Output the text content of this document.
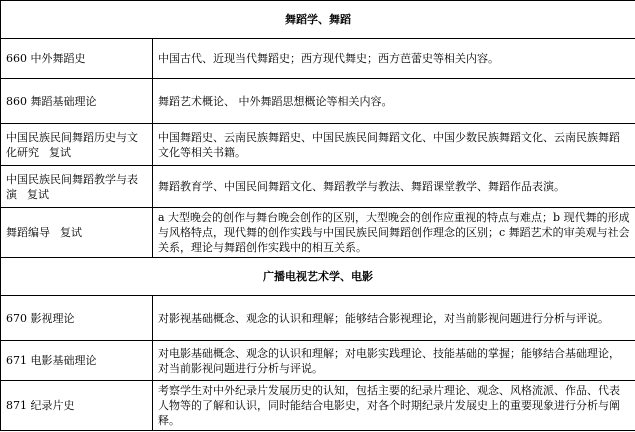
舞蹈学、舞蹈	
660 中外舞蹈史	中国古代、近现当代舞蹈史；西方现代舞史；西方芭蕾史等相关内容。
860 舞蹈基础理论	舞蹈艺术概论、 中外舞蹈思想概论等相关内容。
中国民族民间舞蹈历史与文化研究 复试	中国舞蹈史、云南民族舞蹈史、中国民族民间舞蹈文化、中国少数民族舞蹈文化、云南民族舞蹈文化等相关书籍。
中国民族民间舞蹈教学与表演 复试	舞蹈教育学、中国民间舞蹈文化、舞蹈教学与教法、舞蹈课堂教学、舞蹈作品表演。
舞蹈编导 复试	a 大型晚会的创作与舞台晚会创作的区别，大型晚会的创作应重视的特点与难点；b 现代舞的形成与风格特点，现代舞的创作实践与中国民族民间舞蹈创作理念的区别；c 舞蹈艺术的审美观与社会关系，理论与舞蹈创作实践中的相互关系。
广播电视艺术学、电影	
670 影视理论	对影视基础概念、观念的认识和理解；能够结合影视理论，对当前影视问题进行分析与评说。
671 电影基础理论	对电影基础概念、观念的认识和理解；对电影实践理论、技能基础的掌握；能够结合基础理论，对当前影视问题进行分析与评说。
871 纪录片史	考察学生对中外纪录片发展历史的认知，包括主要的纪录片理论、观念、风格流派、作品、代表人物等的了解和认识，同时能结合电影史，对各个时期纪录片发展史上的重要现象进行分析与阐释。
